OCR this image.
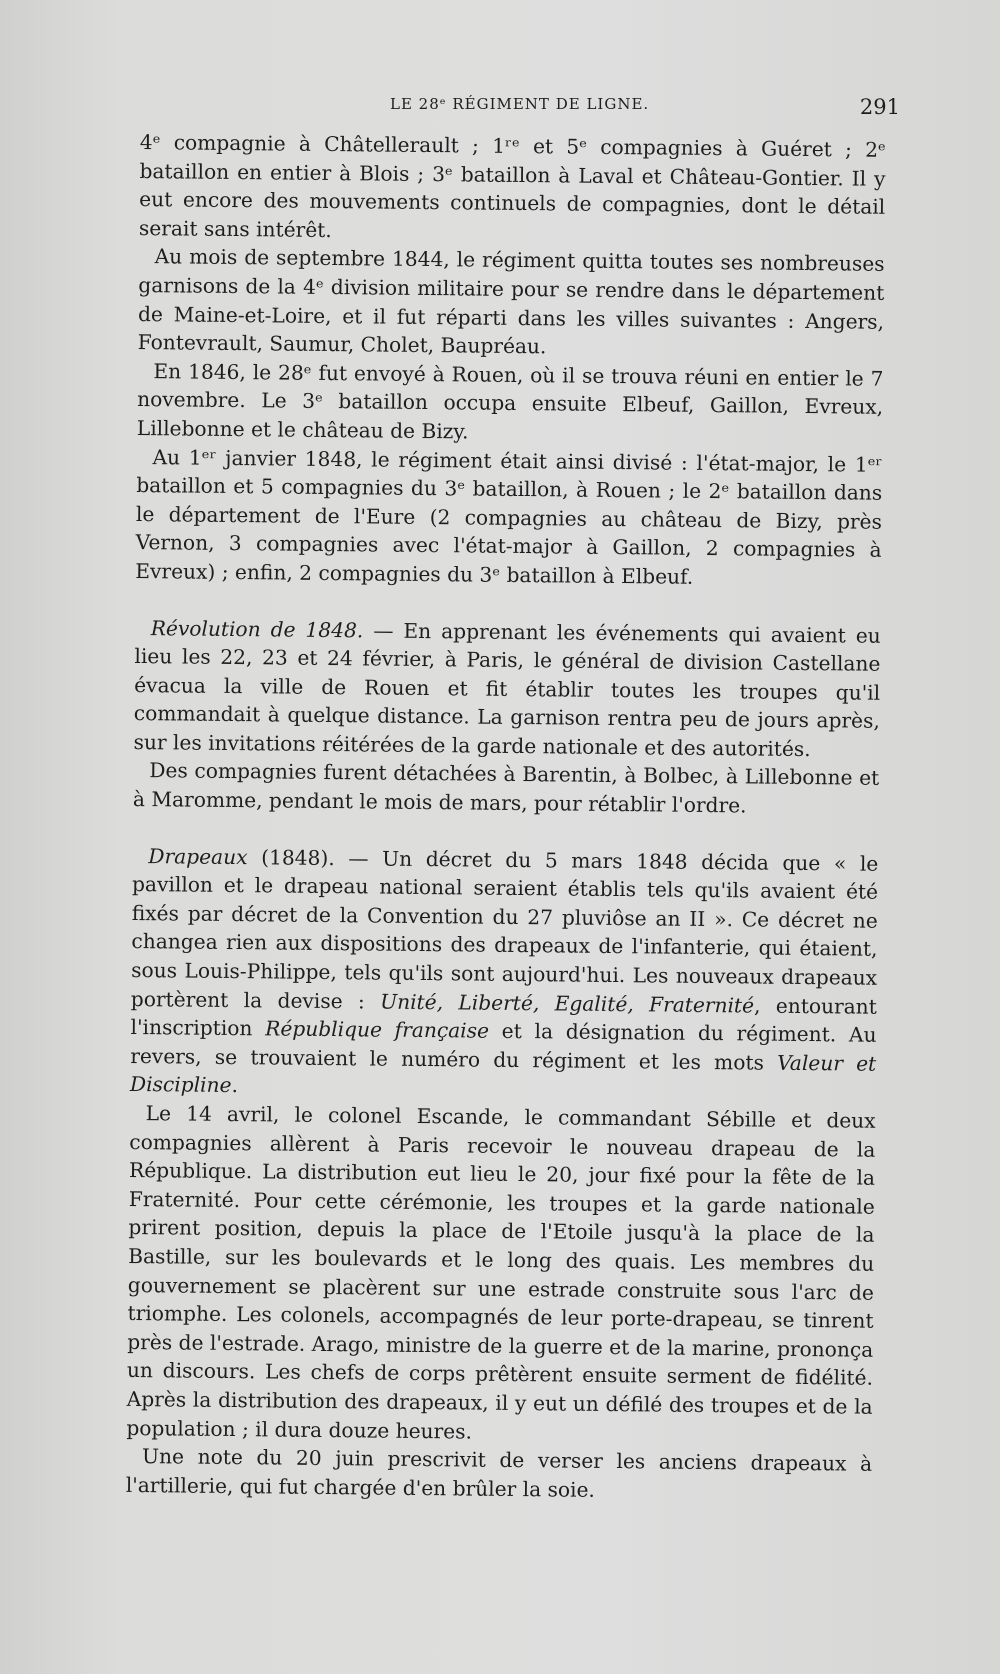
LE 28ᵉ RÉGIMENT DE LIGNE.	291

4ᵉ compagnie à Châtellerault ; 1ʳᵉ et 5ᵉ compagnies à Guéret ; 2ᵉ bataillon en entier à Blois ; 3ᵉ bataillon à Laval et Château-Gontier. Il y eut encore des mouvements continuels de compagnies, dont le détail serait sans intérêt.

Au mois de septembre 1844, le régiment quitta toutes ses nombreuses garnisons de la 4ᵉ division militaire pour se rendre dans le département de Maine-et-Loire, et il fut réparti dans les villes suivantes : Angers, Fontevrault, Saumur, Cholet, Baupréau.

En 1846, le 28ᵉ fut envoyé à Rouen, où il se trouva réuni en entier le 7 novembre. Le 3ᵉ bataillon occupa ensuite Elbeuf, Gaillon, Evreux, Lillebonne et le château de Bizy.

Au 1ᵉʳ janvier 1848, le régiment était ainsi divisé : l'état-major, le 1ᵉʳ bataillon et 5 compagnies du 3ᵉ bataillon, à Rouen ; le 2ᵉ bataillon dans le département de l'Eure (2 compagnies au château de Bizy, près Vernon, 3 compagnies avec l'état-major à Gaillon, 2 compagnies à Evreux) ; enfin, 2 compagnies du 3ᵉ bataillon à Elbeuf.

Révolution de 1848. — En apprenant les événements qui avaient eu lieu les 22, 23 et 24 février, à Paris, le général de division Castellane évacua la ville de Rouen et fit établir toutes les troupes qu'il commandait à quelque distance. La garnison rentra peu de jours après, sur les invitations réitérées de la garde nationale et des autorités.

Des compagnies furent détachées à Barentin, à Bolbec, à Lillebonne et à Maromme, pendant le mois de mars, pour rétablir l'ordre.

Drapeaux (1848). — Un décret du 5 mars 1848 décida que « le pavillon et le drapeau national seraient établis tels qu'ils avaient été fixés par décret de la Convention du 27 pluviôse an II ». Ce décret ne changea rien aux dispositions des drapeaux de l'infanterie, qui étaient, sous Louis-Philippe, tels qu'ils sont aujourd'hui. Les nouveaux drapeaux portèrent la devise : Unité, Liberté, Egalité, Fraternité, entourant l'inscription République française et la désignation du régiment. Au revers, se trouvaient le numéro du régiment et les mots Valeur et Discipline.

Le 14 avril, le colonel Escande, le commandant Sébille et deux compagnies allèrent à Paris recevoir le nouveau drapeau de la République. La distribution eut lieu le 20, jour fixé pour la fête de la Fraternité. Pour cette cérémonie, les troupes et la garde nationale prirent position, depuis la place de l'Etoile jusqu'à la place de la Bastille, sur les boulevards et le long des quais. Les membres du gouvernement se placèrent sur une estrade construite sous l'arc de triomphe. Les colonels, accompagnés de leur porte-drapeau, se tinrent près de l'estrade. Arago, ministre de la guerre et de la marine, prononça un discours. Les chefs de corps prêtèrent ensuite serment de fidélité. Après la distribution des drapeaux, il y eut un défilé des troupes et de la population ; il dura douze heures.

Une note du 20 juin prescrivit de verser les anciens drapeaux à l'artillerie, qui fut chargée d'en brûler la soie.
